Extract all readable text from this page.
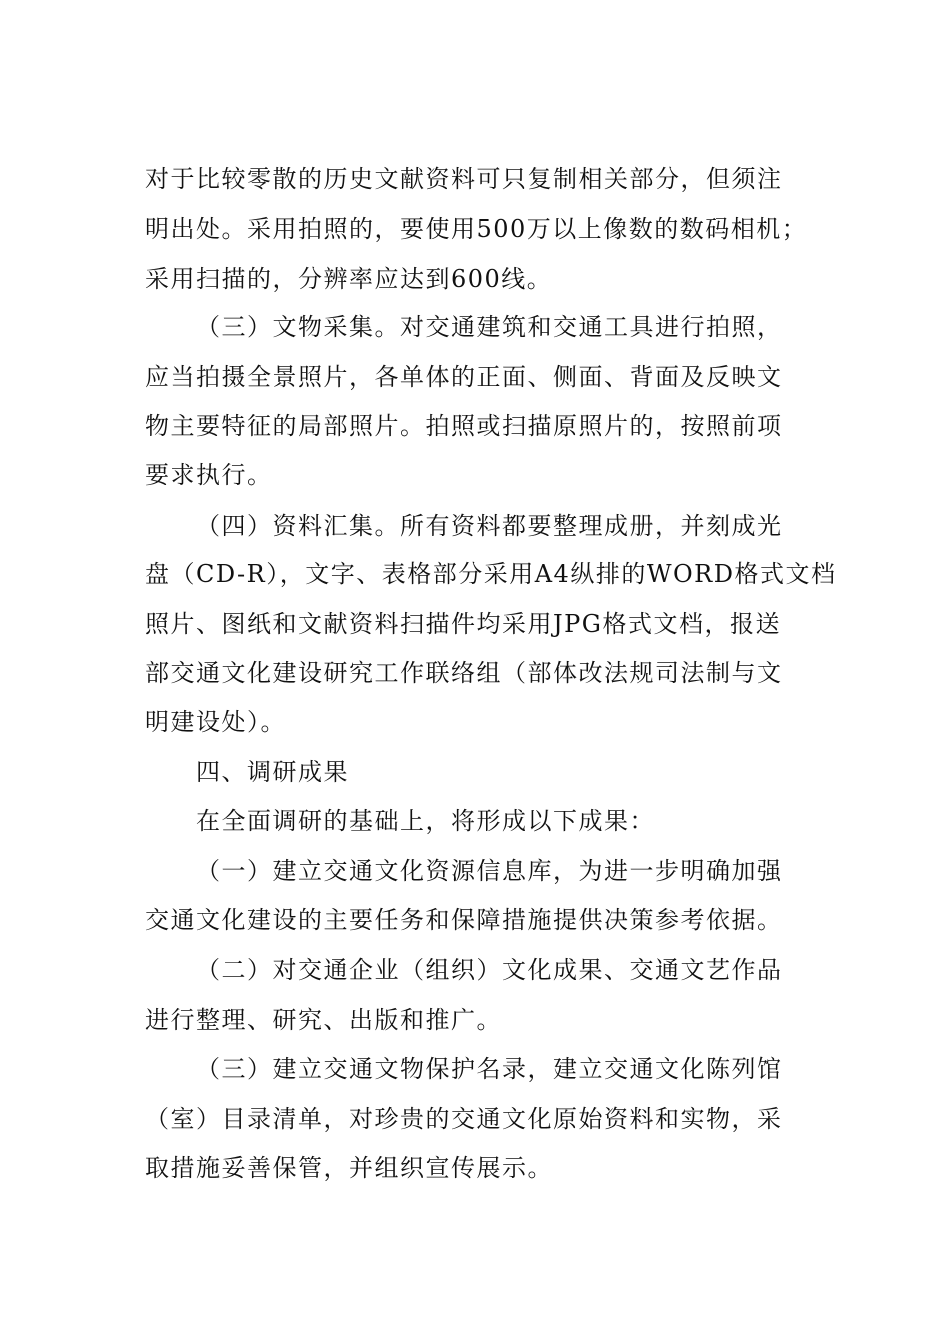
对于比较零散的历史文献资料可只复制相关部分，但须注
明出处。采用拍照的，要使用500万以上像数的数码相机；
采用扫描的，分辨率应达到600线。
（三）文物采集。对交通建筑和交通工具进行拍照，
应当拍摄全景照片，各单体的正面、侧面、背面及反映文
物主要特征的局部照片。拍照或扫描原照片的，按照前项
要求执行。
（四）资料汇集。所有资料都要整理成册，并刻成光
盘（CD-R），文字、表格部分采用A4纵排的WORD格式文档
照片、图纸和文献资料扫描件均采用JPG格式文档，报送
部交通文化建设研究工作联络组（部体改法规司法制与文
明建设处）。
四、调研成果
在全面调研的基础上，将形成以下成果：
（一）建立交通文化资源信息库，为进一步明确加强
交通文化建设的主要任务和保障措施提供决策参考依据。
（二）对交通企业（组织）文化成果、交通文艺作品
进行整理、研究、出版和推广。
（三）建立交通文物保护名录，建立交通文化陈列馆
（室）目录清单，对珍贵的交通文化原始资料和实物，采
取措施妥善保管，并组织宣传展示。
